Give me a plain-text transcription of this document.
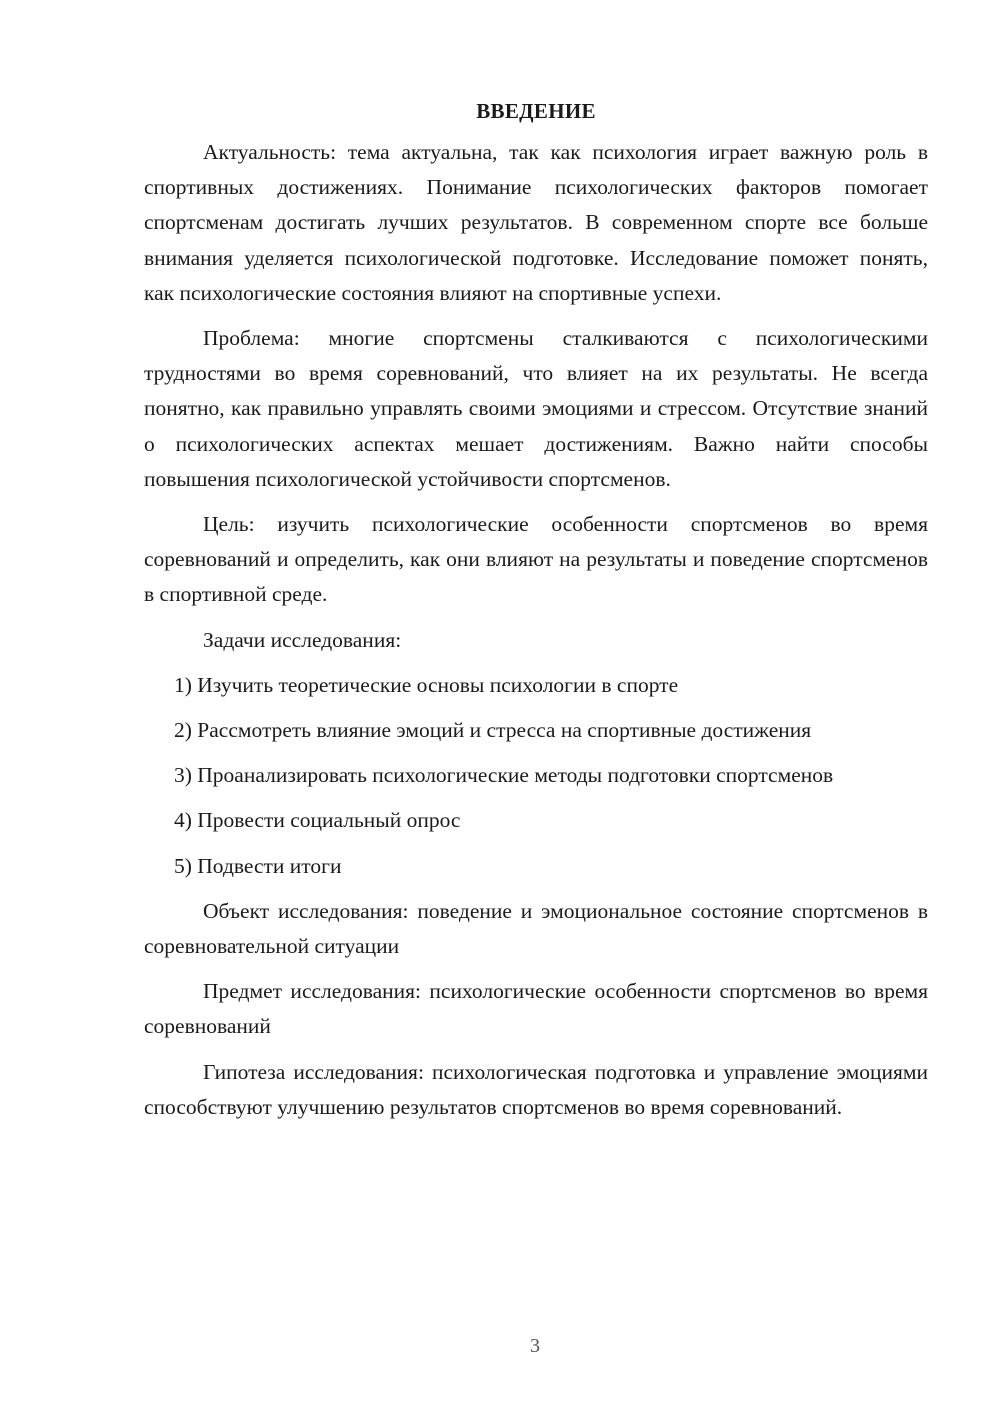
ВВЕДЕНИЕ
Актуальность: тема актуальна, так как психология играет важную роль в спортивных достижениях. Понимание психологических факторов помогает спортсменам достигать лучших результатов. В современном спорте все больше внимания уделяется психологической подготовке. Исследование поможет понять, как психологические состояния влияют на спортивные успехи.
Проблема: многие спортсмены сталкиваются с психологическими трудностями во время соревнований, что влияет на их результаты. Не всегда понятно, как правильно управлять своими эмоциями и стрессом. Отсутствие знаний о психологических аспектах мешает достижениям. Важно найти способы повышения психологической устойчивости спортсменов.
Цель: изучить психологические особенности спортсменов во время соревнований и определить, как они влияют на результаты и поведение спортсменов в спортивной среде.
Задачи исследования:
1) Изучить теоретические основы психологии в спорте
2) Рассмотреть влияние эмоций и стресса на спортивные достижения
3) Проанализировать психологические методы подготовки спортсменов
4) Провести социальный опрос
5) Подвести итоги
Объект исследования: поведение и эмоциональное состояние спортсменов в соревновательной ситуации
Предмет исследования: психологические особенности спортсменов во время соревнований
Гипотеза исследования: психологическая подготовка и управление эмоциями способствуют улучшению результатов спортсменов во время соревнований.
3
